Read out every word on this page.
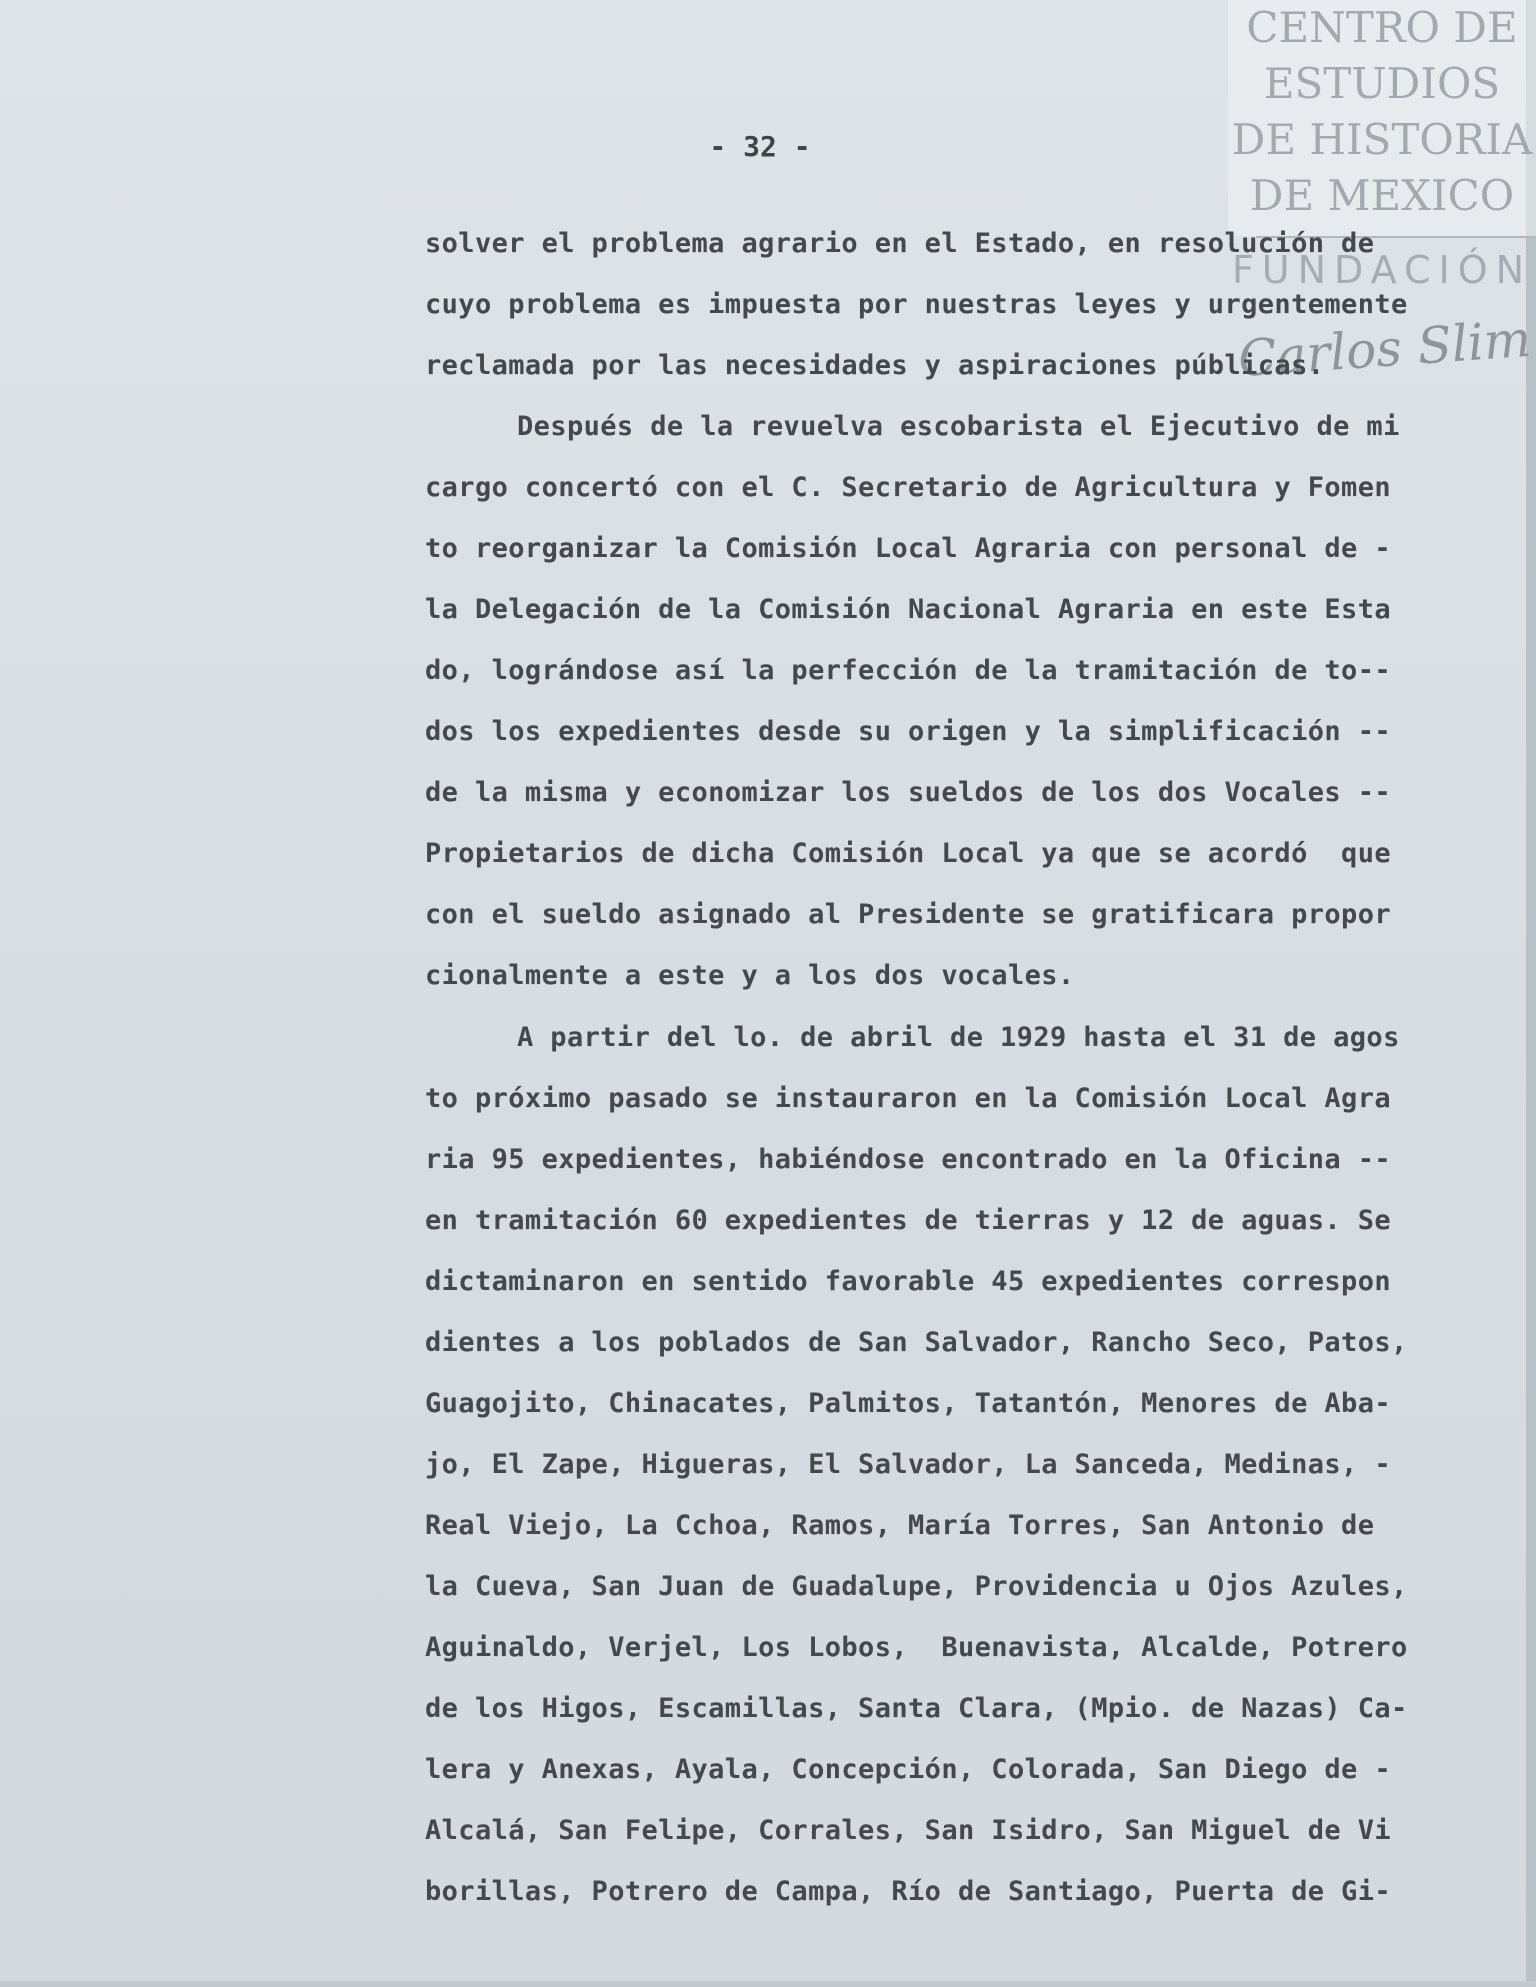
CENTRO DE
ESTUDIOS
DE HISTORIA
DE MEXICO
FUNDACIÓN
Carlos Slim
- 32 -
solver el problema agrario en el Estado, en resolución de
cuyo problema es impuesta por nuestras leyes y urgentemente
reclamada por las necesidades y aspiraciones públicas.
Después de la revuelva escobarista el Ejecutivo de mi
cargo concertó con el C. Secretario de Agricultura y Fomen
to reorganizar la Comisión Local Agraria con personal de -
la Delegación de la Comisión Nacional Agraria en este Esta
do, lográndose así la perfección de la tramitación de to--
dos los expedientes desde su origen y la simplificación --
de la misma y economizar los sueldos de los dos Vocales --
Propietarios de dicha Comisión Local ya que se acordó  que
con el sueldo asignado al Presidente se gratificara propor
cionalmente a este y a los dos vocales.
A partir del lo. de abril de 1929 hasta el 31 de agos
to próximo pasado se instauraron en la Comisión Local Agra
ria 95 expedientes, habiéndose encontrado en la Oficina --
en tramitación 60 expedientes de tierras y 12 de aguas. Se
dictaminaron en sentido favorable 45 expedientes correspon
dientes a los poblados de San Salvador, Rancho Seco, Patos,
Guagojito, Chinacates, Palmitos, Tatantón, Menores de Aba-
jo, El Zape, Higueras, El Salvador, La Sanceda, Medinas, -
Real Viejo, La Cchoa, Ramos, María Torres, San Antonio de
la Cueva, San Juan de Guadalupe, Providencia u Ojos Azules,
Aguinaldo, Verjel, Los Lobos,  Buenavista, Alcalde, Potrero
de los Higos, Escamillas, Santa Clara, (Mpio. de Nazas) Ca-
lera y Anexas, Ayala, Concepción, Colorada, San Diego de -
Alcalá, San Felipe, Corrales, San Isidro, San Miguel de Vi
borillas, Potrero de Campa, Río de Santiago, Puerta de Gi-
